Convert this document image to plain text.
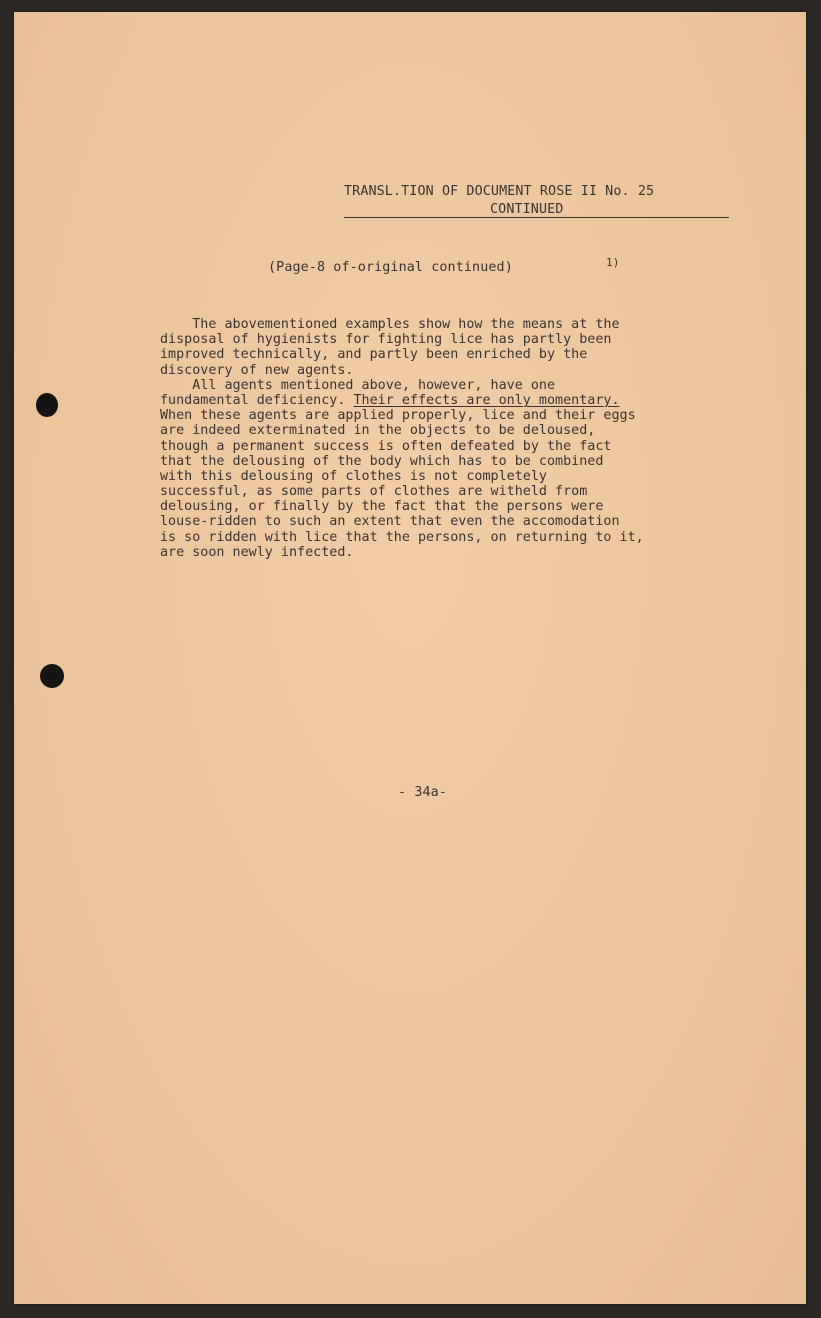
TRANSL.TION OF DOCUMENT ROSE II No. 25
CONTINUED
(Page-8 of-original continued)	1)
The abovementioned examples show how the means at the
disposal of hygienists for fighting lice has partly been
improved technically, and partly been enriched by the
discovery of new agents.
All agents mentioned above, however, have one
fundamental deficiency. Their effects are only momentary.
When these agents are applied properly, lice and their eggs
are indeed exterminated in the objects to be deloused,
though a permanent success is often defeated by the fact
that the delousing of the body which has to be combined
with this delousing of clothes is not completely
successful, as some parts of clothes are witheld from
delousing, or finally by the fact that the persons were
louse-ridden to such an extent that even the accomodation
is so ridden with lice that the persons, on returning to it,
are soon newly infected.
- 34a-
